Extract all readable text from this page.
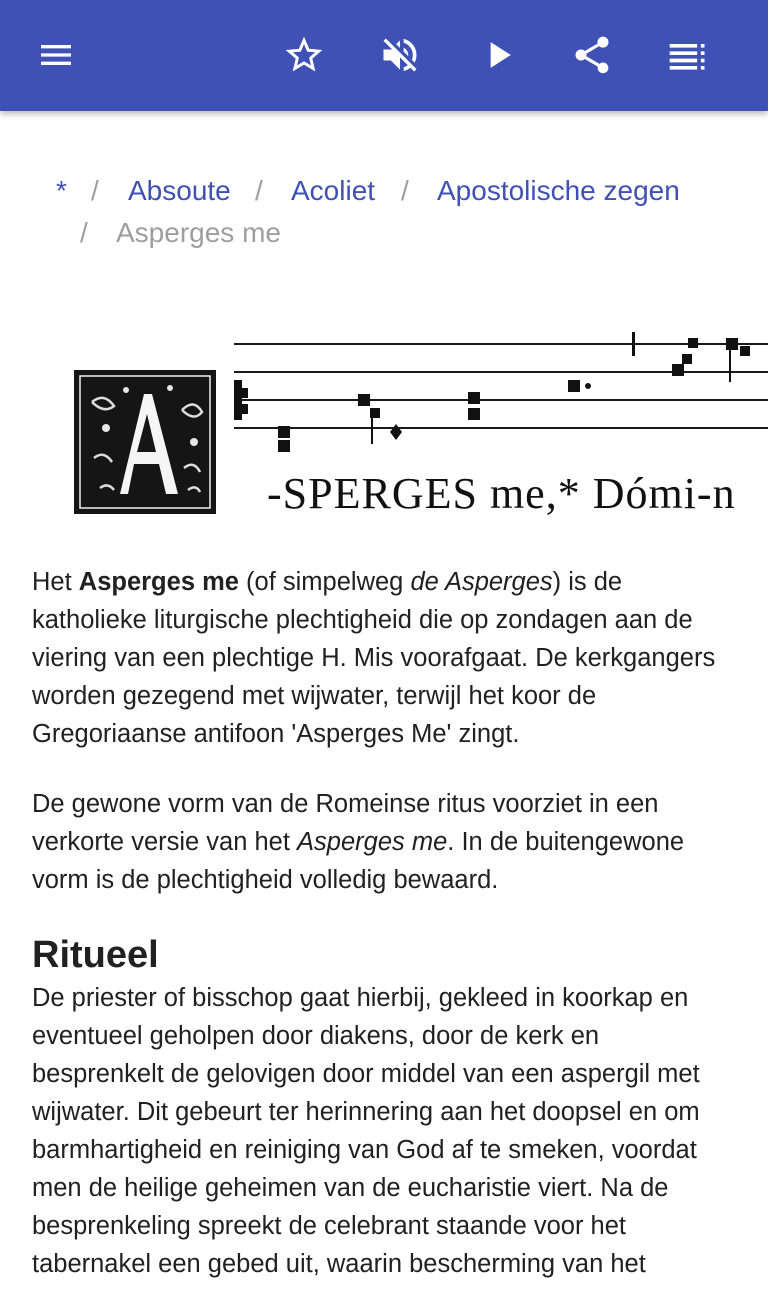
* / Absoute / Acoliet / Apostolische zegen
/ Asperges me
-SPERGES me,* Dómi-n

Het Asperges me (of simpelweg de Asperges) is de katholieke liturgische plechtigheid die op zondagen aan de viering van een plechtige H. Mis voorafgaat. De kerkgangers worden gezegend met wijwater, terwijl het koor de Gregoriaanse antifoon 'Asperges Me' zingt.

De gewone vorm van de Romeinse ritus voorziet in een verkorte versie van het Asperges me. In de buitengewone vorm is de plechtigheid volledig bewaard.

Ritueel

De priester of bisschop gaat hierbij, gekleed in koorkap en eventueel geholpen door diakens, door de kerk en besprenkelt de gelovigen door middel van een aspergil met wijwater. Dit gebeurt ter herinnering aan het doopsel en om barmhartigheid en reiniging van God af te smeken, voordat men de heilige geheimen van de eucharistie viert. Na de besprenkeling spreekt de celebrant staande voor het tabernakel een gebed uit, waarin bescherming van het
